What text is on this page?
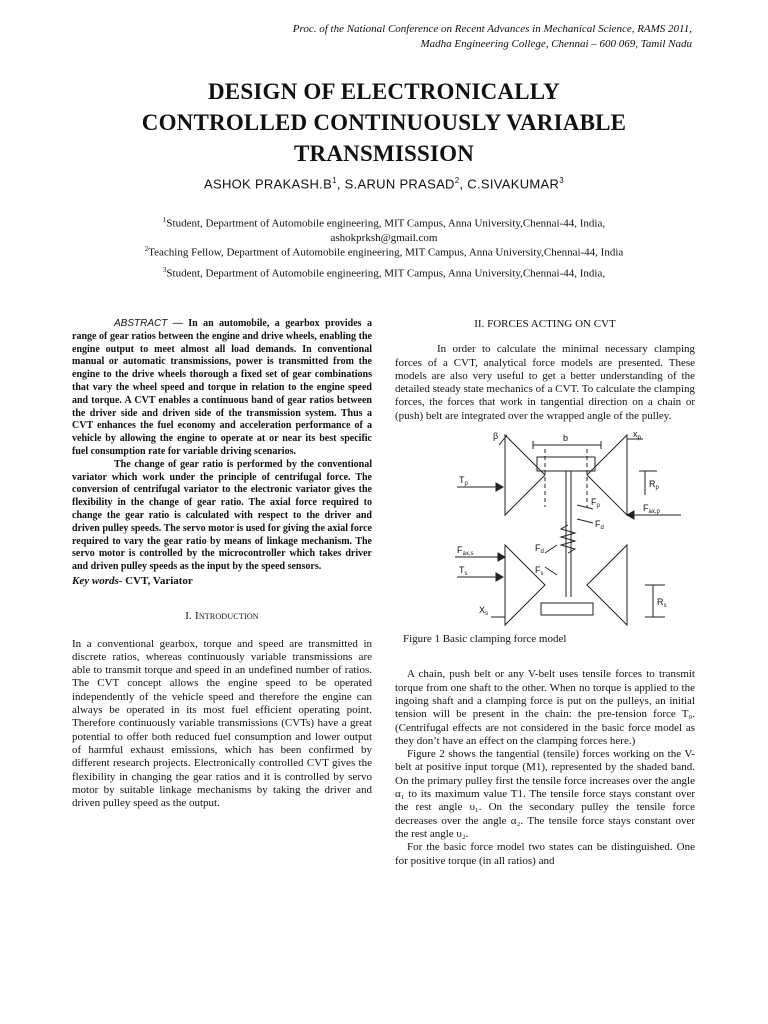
Proc. of the National Conference on Recent Advances in Mechanical Science, RAMS 2011,
Madha Engineering College, Chennai – 600 069, Tamil Nadu
DESIGN OF ELECTRONICALLY
CONTROLLED CONTINUOUSLY VARIABLE
TRANSMISSION
ASHOK $PRAKASH.B^1$, S.ARUN PRASAD$^2$, C.SIVAKUMAR$^3$
$^1$Student, Department of Automobile engineering, MIT Campus, Anna University,Chennai-44, India,
ashokprksh@gmail.com
$^2$Teaching Fellow, Department of Automobile engineering, MIT Campus, Anna University,Chennai-44, India
$^3$Student, Department of Automobile engineering, MIT Campus, Anna University,Chennai-44, India,

ABSTRACT — In an automobile, a gearbox provides a range of gear ratios between the engine and drive wheels, enabling the engine output to meet almost all load demands. In conventional manual or automatic transmissions, power is transmitted from the engine to the drive wheels thorough a fixed set of gear combinations that vary the wheel speed and torque in relation to the engine speed and torque. A CVT enables a continuous band of gear ratios between the driver side and driven side of the transmission system. Thus a CVT enhances the fuel economy and acceleration performance of a vehicle by allowing the engine to operate at or near its best specific fuel consumption rate for variable driving scenarios.

The change of gear ratio is performed by the conventional variator which work under the principle of centrifugal force. The conversion of centrifugal variator to the electronic variator gives the flexibility in the change of gear ratio. The axial force required to change the gear ratio is calculated with respect to the driver and driven pulley speeds. The servo motor is used for giving the axial force required to vary the gear ratio by means of linkage mechanism. The servo motor is controlled by the microcontroller which takes driver and driven pulley speeds as the input by the speed sensors.

Key words- CVT, Variator
I. Introduction

In a conventional gearbox, torque and speed are transmitted in discrete ratios, whereas continuously variable transmissions are able to transmit torque and speed in an undefined number of ratios. The CVT concept allows the engine speed to be operated independently of the vehicle speed and therefore the engine can always be operated in its most fuel efficient operating point. Therefore continuously variable transmissions (CVTs) have a great potential to offer both reduced fuel consumption and lower output of harmful exhaust emissions, which has been confirmed by different research projects. Electronically controlled CVT gives the flexibility in changing the gear ratios and it is controlled by servo motor by suitable linkage mechanisms by taking the driver and driven pulley speed as the output.

II. FORCES ACTING ON CVT

In order to calculate the minimal necessary clamping forces of a CVT, analytical force models are presented. These models are also very useful to get a better understanding of the detailed steady state mechanics of a CVT. To calculate the clamping forces, the forces that work in tangential direction on a chain or (push) belt are integrated over the wrapped angle of the pulley.

β	b	$x_p$
$T_p$	$R_p$
$F_p$
$F_d$
$F_{ax,p}$
$F_{ax,s}$
$F_d$
$F_s$
$T_s$
$X_s$
$R_s$
Figure 1 Basic clamping force model

A chain, push belt or any V-belt uses tensile forces to transmit torque from one shaft to the other. When no torque is applied to the ingoing shaft and a clamping force is put on the pulleys, an initial tension will be present in the chain: the pre-tension force T₀. (Centrifugal effects are not considered in the basic force model as they don’t have an effect on the clamping forces here.)

Figure 2 shows the tangential (tensile) forces working on the V-belt at positive input torque (M1), represented by the shaded band. On the primary pulley first the tensile force increases over the angle α₁ to its maximum value T1. The tensile force stays constant over the rest angle υ₁. On the secondary pulley the tensile force decreases over the angle α₂. The tensile force stays constant over the rest angle υ₂.

For the basic force model two states can be distinguished. One for positive torque (in all ratios) and
